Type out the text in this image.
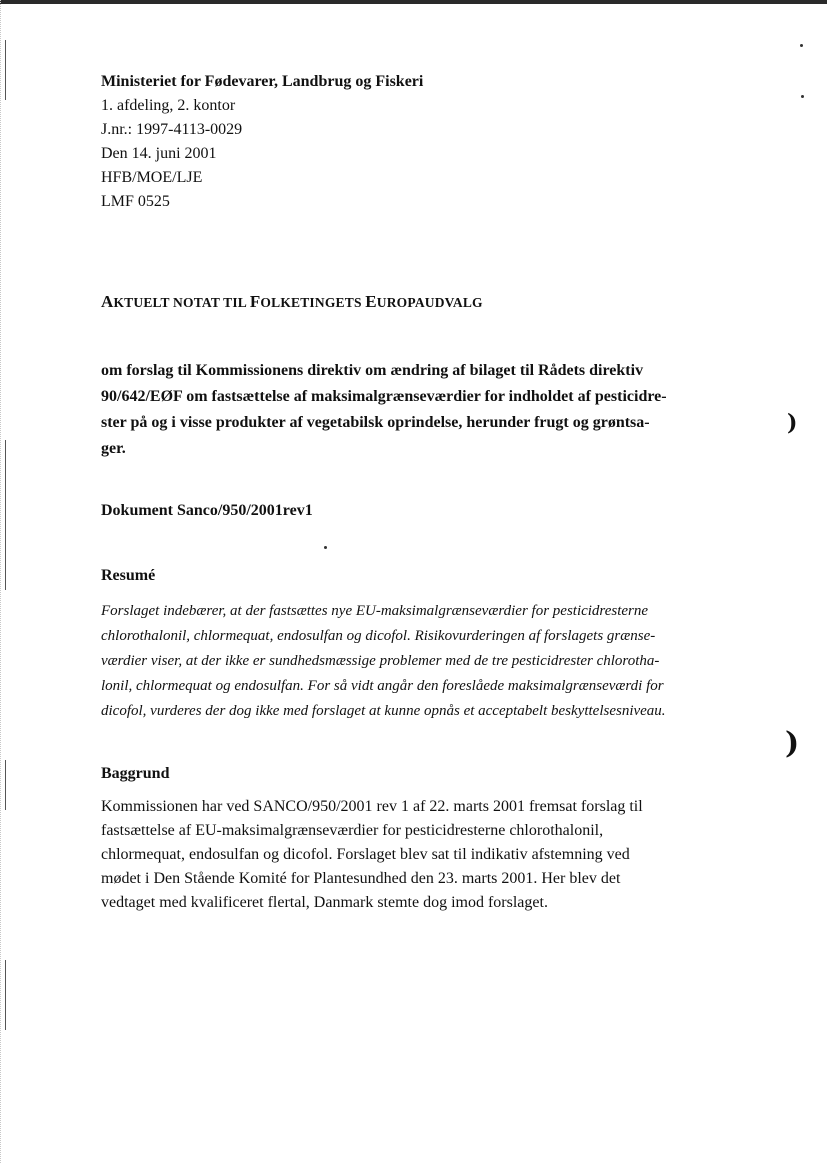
)
)
Ministeriet for Fødevarer, Landbrug og Fiskeri
1. afdeling, 2. kontor
J.nr.: 1997-4113-0029
Den 14. juni 2001
HFB/MOE/LJE
LMF 0525
AKTUELT NOTAT TIL FOLKETINGETS EUROPAUDVALG
om forslag til Kommissionens direktiv om ændring af bilaget til Rådets direktiv
90/642/EØF om fastsættelse af maksimalgrænseværdier for indholdet af pesticidre-
ster på og i visse produkter af vegetabilsk oprindelse, herunder frugt og grøntsa-
ger.
Dokument Sanco/950/2001rev1
Resumé
Forslaget indebærer, at der fastsættes nye EU-maksimalgrænseværdier for pesticidresterne
chlorothalonil, chlormequat, endosulfan og dicofol. Risikovurderingen af forslagets grænse-
værdier viser, at der ikke er sundhedsmæssige problemer med de tre pesticidrester chlorotha-
lonil, chlormequat og endosulfan. For så vidt angår den foreslåede maksimalgrænseværdi for
dicofol, vurderes der dog ikke med forslaget at kunne opnås et acceptabelt beskyttelsesniveau.
Baggrund
Kommissionen har ved SANCO/950/2001 rev 1 af 22. marts 2001 fremsat forslag til
fastsættelse af EU-maksimalgrænseværdier for pesticidresterne chlorothalonil,
chlormequat, endosulfan og dicofol. Forslaget blev sat til indikativ afstemning ved
mødet i Den Stående Komité for Plantesundhed den 23. marts 2001. Her blev det
vedtaget med kvalificeret flertal, Danmark stemte dog imod forslaget.
